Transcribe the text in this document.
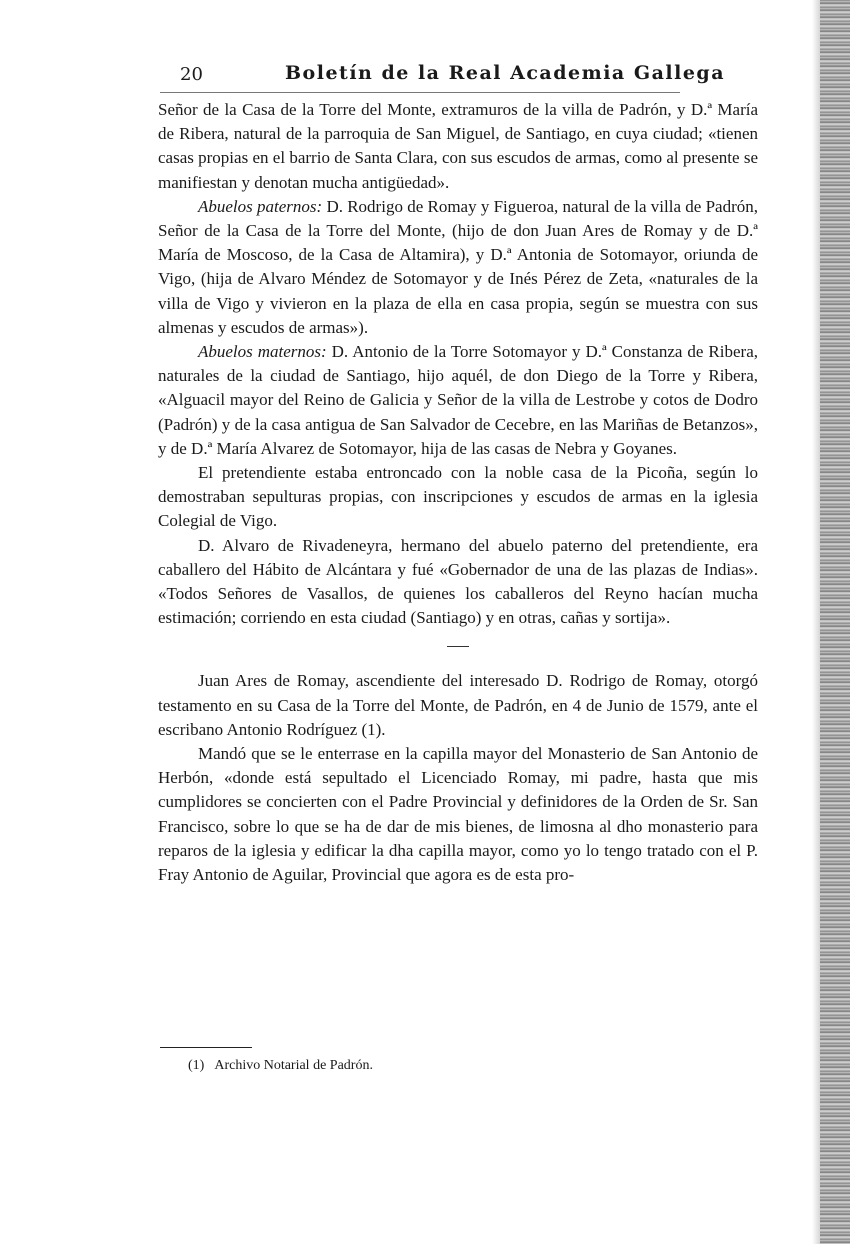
20	Boletín de la Real Academia Gallega

Señor de la Casa de la Torre del Monte, extramuros de la villa de Padrón, y D.ª María de Ribera, natural de la parroquia de San Miguel, de Santiago, en cuya ciudad; «tienen casas propias en el barrio de Santa Clara, con sus escudos de armas, como al presente se manifiestan y denotan mucha antigüedad».

Abuelos paternos: D. Rodrigo de Romay y Figueroa, natural de la villa de Padrón, Señor de la Casa de la Torre del Monte, (hijo de don Juan Ares de Romay y de D.ª María de Moscoso, de la Casa de Altamira), y D.ª Antonia de Sotomayor, oriunda de Vigo, (hija de Alvaro Méndez de Sotomayor y de Inés Pérez de Zeta, «naturales de la villa de Vigo y vivieron en la plaza de ella en casa propia, según se muestra con sus almenas y escudos de armas»).

Abuelos maternos: D. Antonio de la Torre Sotomayor y D.ª Constanza de Ribera, naturales de la ciudad de Santiago, hijo aquél, de don Diego de la Torre y Ribera, «Alguacil mayor del Reino de Galicia y Señor de la villa de Lestrobe y cotos de Dodro (Padrón) y de la casa antigua de San Salvador de Cecebre, en las Mariñas de Betanzos», y de D.ª María Alvarez de Sotomayor, hija de las casas de Nebra y Goyanes.

El pretendiente estaba entroncado con la noble casa de la Picoña, según lo demostraban sepulturas propias, con inscripciones y escudos de armas en la iglesia Colegial de Vigo.

D. Alvaro de Rivadeneyra, hermano del abuelo paterno del pretendiente, era caballero del Hábito de Alcántara y fué «Gobernador de una de las plazas de Indias». «Todos Señores de Vasallos, de quienes los caballeros del Reyno hacían mucha estimación; corriendo en esta ciudad (Santiago) y en otras, cañas y sortija».

Juan Ares de Romay, ascendiente del interesado D. Rodrigo de Romay, otorgó testamento en su Casa de la Torre del Monte, de Padrón, en 4 de Junio de 1579, ante el escribano Antonio Rodríguez (1).

Mandó que se le enterrase en la capilla mayor del Monasterio de San Antonio de Herbón, «donde está sepultado el Licenciado Romay, mi padre, hasta que mis cumplidores se concierten con el Padre Provincial y definidores de la Orden de Sr. San Francisco, sobre lo que se ha de dar de mis bienes, de limosna al dho monasterio para reparos de la iglesia y edificar la dha capilla mayor, como yo lo tengo tratado con el P. Fray Antonio de Aguilar, Provincial que agora es de esta pro-

(1) Archivo Notarial de Padrón.
